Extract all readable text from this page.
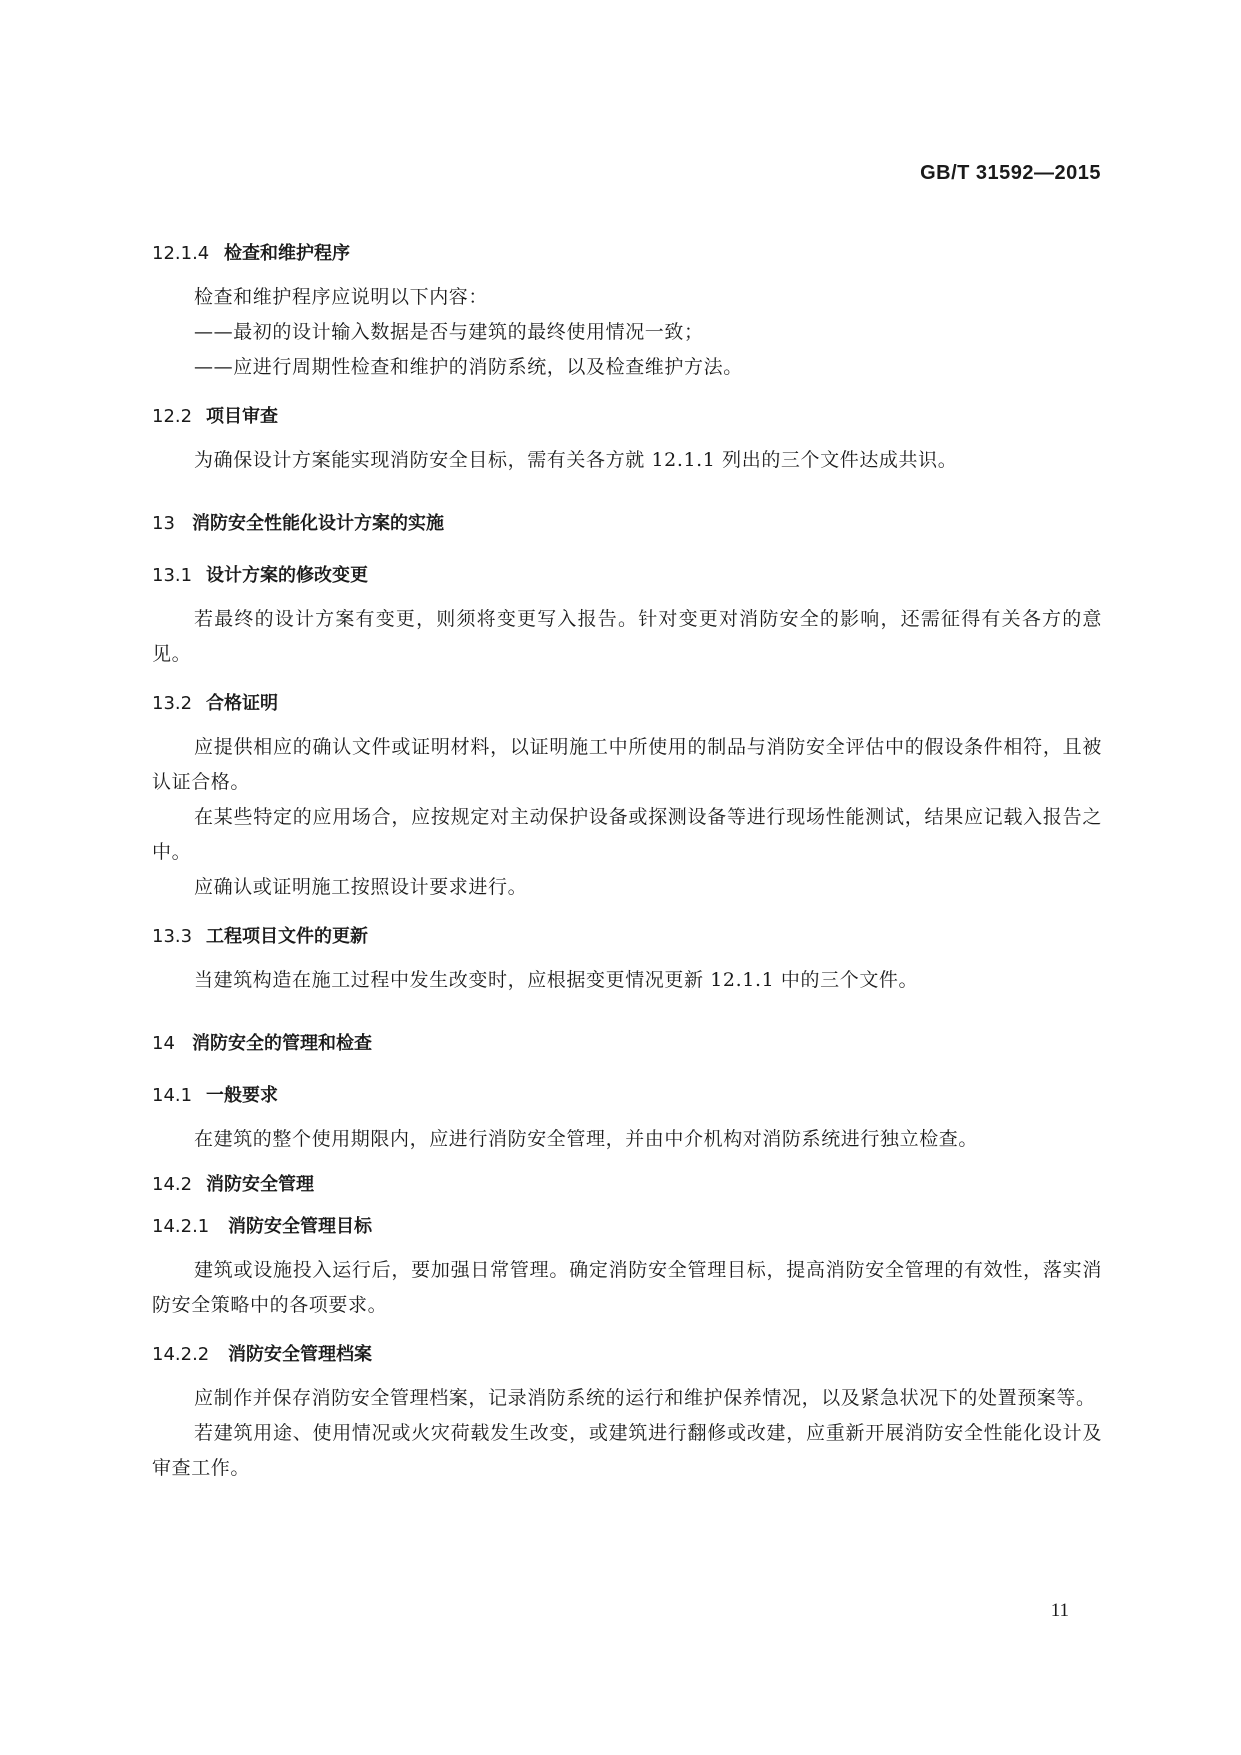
GB/T 31592—2015
12.1.4 检查和维护程序
检查和维护程序应说明以下内容：
——最初的设计输入数据是否与建筑的最终使用情况一致；
——应进行周期性检查和维护的消防系统，以及检查维护方法。
12.2 项目审查
为确保设计方案能实现消防安全目标，需有关各方就 12.1.1 列出的三个文件达成共识。
13 消防安全性能化设计方案的实施
13.1 设计方案的修改变更
若最终的设计方案有变更，则须将变更写入报告。针对变更对消防安全的影响，还需征得有关各方的意见。
13.2 合格证明
应提供相应的确认文件或证明材料，以证明施工中所使用的制品与消防安全评估中的假设条件相符，且被认证合格。
在某些特定的应用场合，应按规定对主动保护设备或探测设备等进行现场性能测试，结果应记载入报告之中。
应确认或证明施工按照设计要求进行。
13.3 工程项目文件的更新
当建筑构造在施工过程中发生改变时，应根据变更情况更新 12.1.1 中的三个文件。
14 消防安全的管理和检查
14.1 一般要求
在建筑的整个使用期限内，应进行消防安全管理，并由中介机构对消防系统进行独立检查。
14.2 消防安全管理
14.2.1	消防安全管理目标
建筑或设施投入运行后，要加强日常管理。确定消防安全管理目标，提高消防安全管理的有效性，落实消防安全策略中的各项要求。
14.2.2	消防安全管理档案
应制作并保存消防安全管理档案，记录消防系统的运行和维护保养情况，以及紧急状况下的处置预案等。
若建筑用途、使用情况或火灾荷载发生改变，或建筑进行翻修或改建，应重新开展消防安全性能化设计及审查工作。
11
